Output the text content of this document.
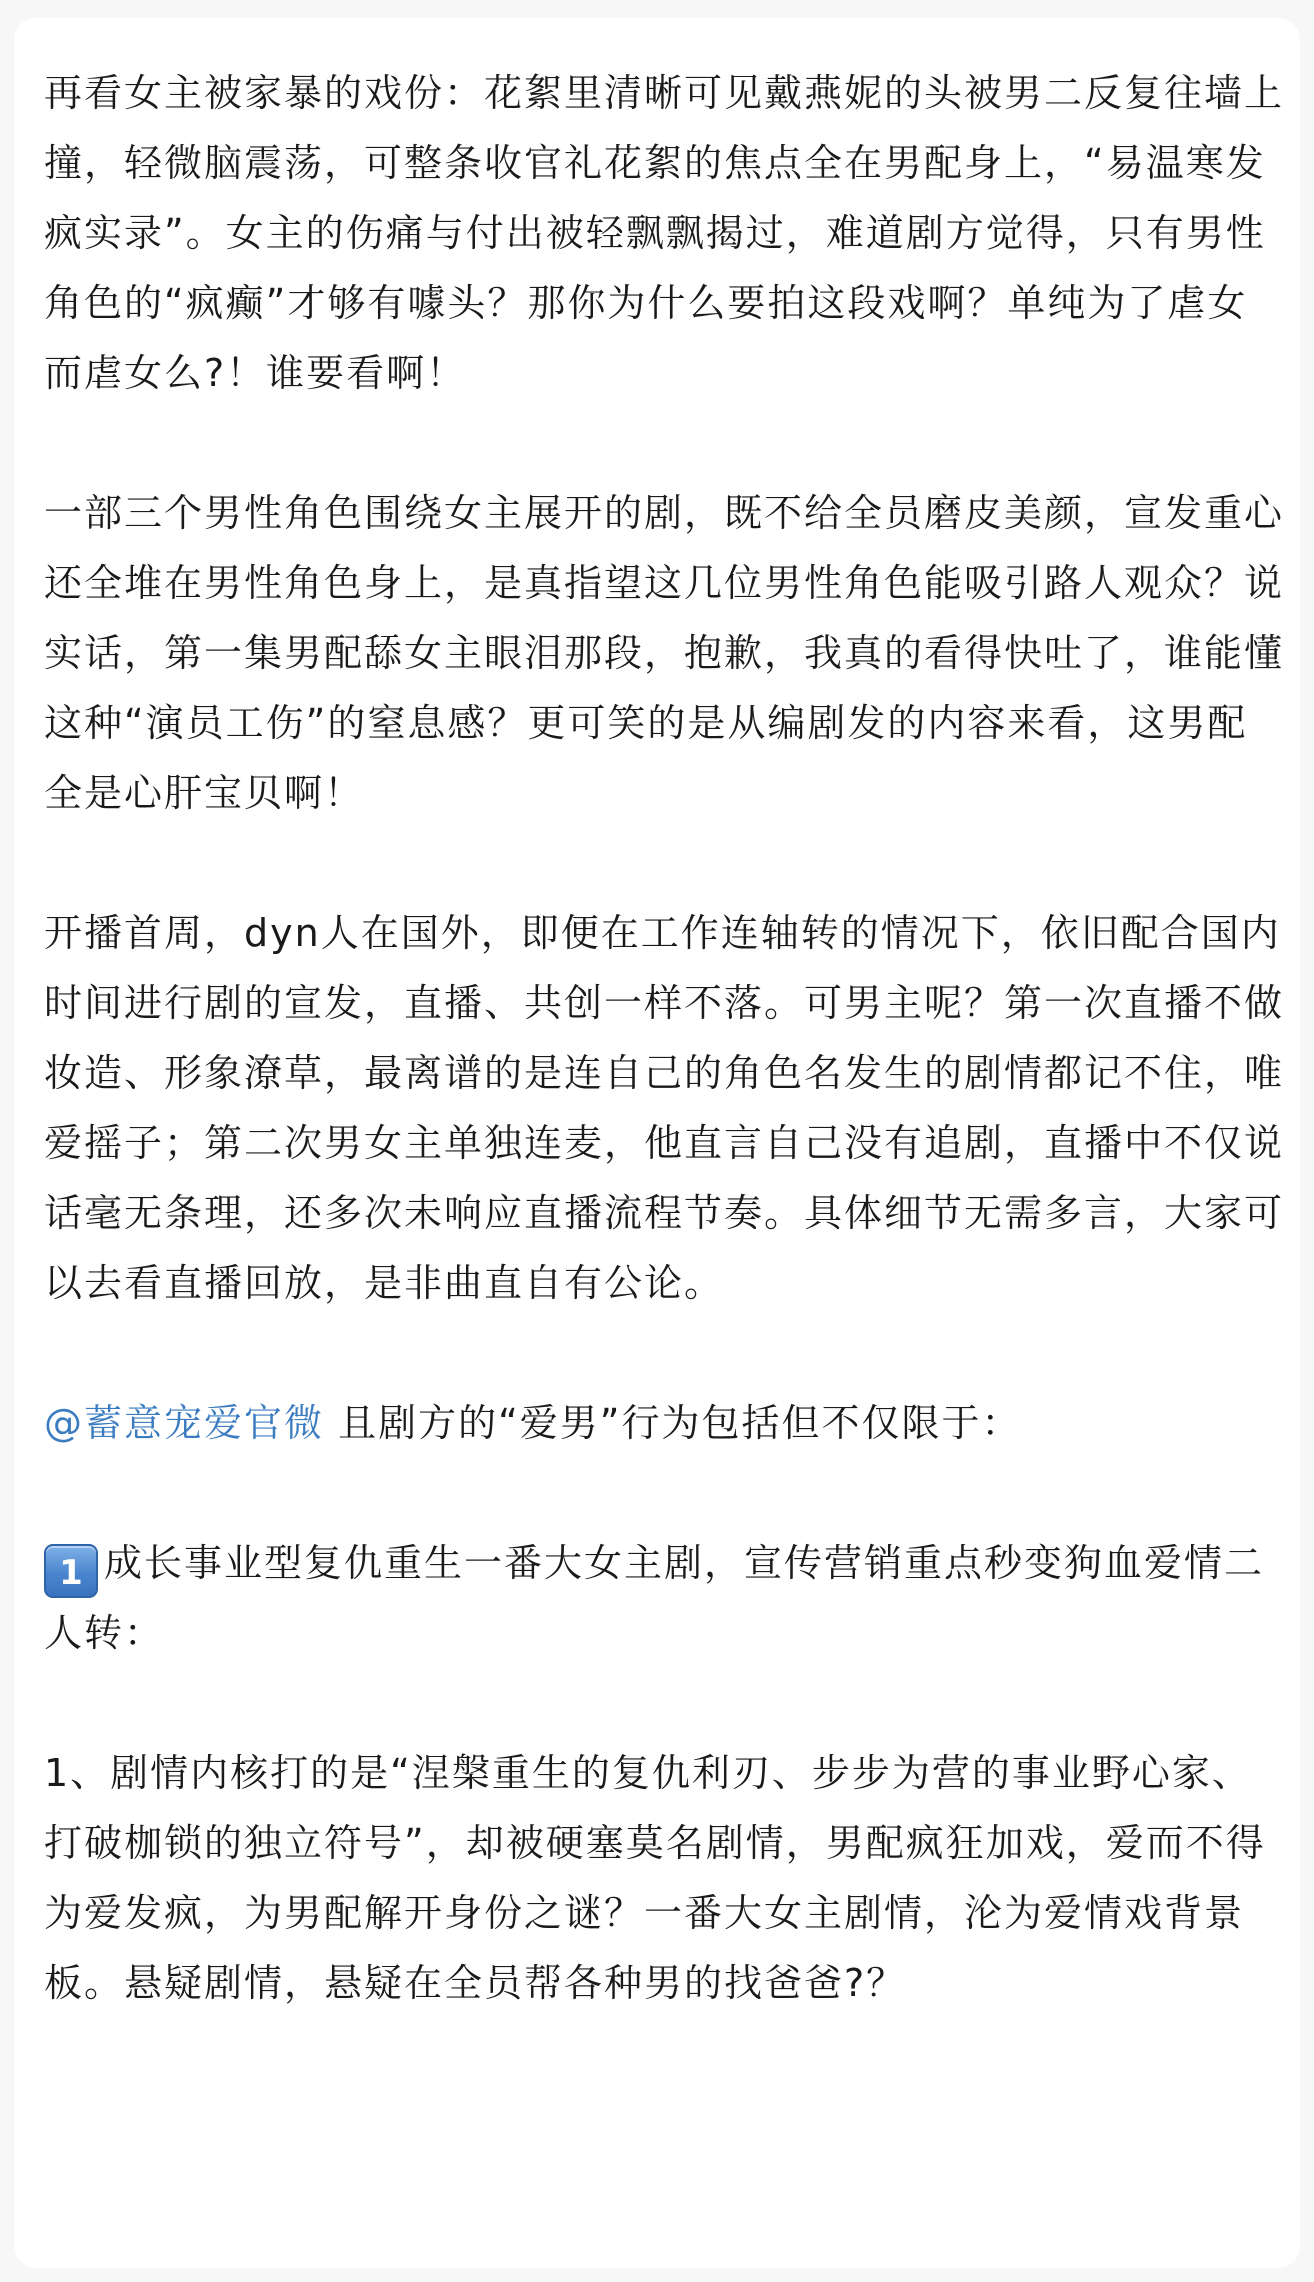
再看女主被家暴的戏份：花絮里清晰可见戴燕妮的头被男二反复往墙上撞，轻微脑震荡，可整条收官礼花絮的焦点全在男配身上，“易温寒发疯实录”。女主的伤痛与付出被轻飘飘揭过，难道剧方觉得，只有男性角色的“疯癫”才够有噱头？那你为什么要拍这段戏啊？单纯为了虐女而虐女么?！谁要看啊！

一部三个男性角色围绕女主展开的剧，既不给全员磨皮美颜，宣发重心还全堆在男性角色身上，是真指望这几位男性角色能吸引路人观众？说实话，第一集男配舔女主眼泪那段，抱歉，我真的看得快吐了，谁能懂这种“演员工伤”的窒息感？更可笑的是从编剧发的内容来看，这男配全是心肝宝贝啊！

开播首周，dyn人在国外，即便在工作连轴转的情况下，依旧配合国内时间进行剧的宣发，直播、共创一样不落。可男主呢？第一次直播不做妆造、形象潦草，最离谱的是连自己的角色名发生的剧情都记不住，唯爱摇子；第二次男女主单独连麦，他直言自己没有追剧，直播中不仅说话毫无条理，还多次未响应直播流程节奏。具体细节无需多言，大家可以去看直播回放，是非曲直自有公论。

@蓄意宠爱官微 且剧方的“爱男”行为包括但不仅限于：

1 成长事业型复仇重生一番大女主剧，宣传营销重点秒变狗血爱情二人转：

1、剧情内核打的是“涅槃重生的复仇利刃、步步为营的事业野心家、打破枷锁的独立符号”，却被硬塞莫名剧情，男配疯狂加戏，爱而不得为爱发疯，为男配解开身份之谜？一番大女主剧情，沦为爱情戏背景板。悬疑剧情，悬疑在全员帮各种男的找爸爸?？
